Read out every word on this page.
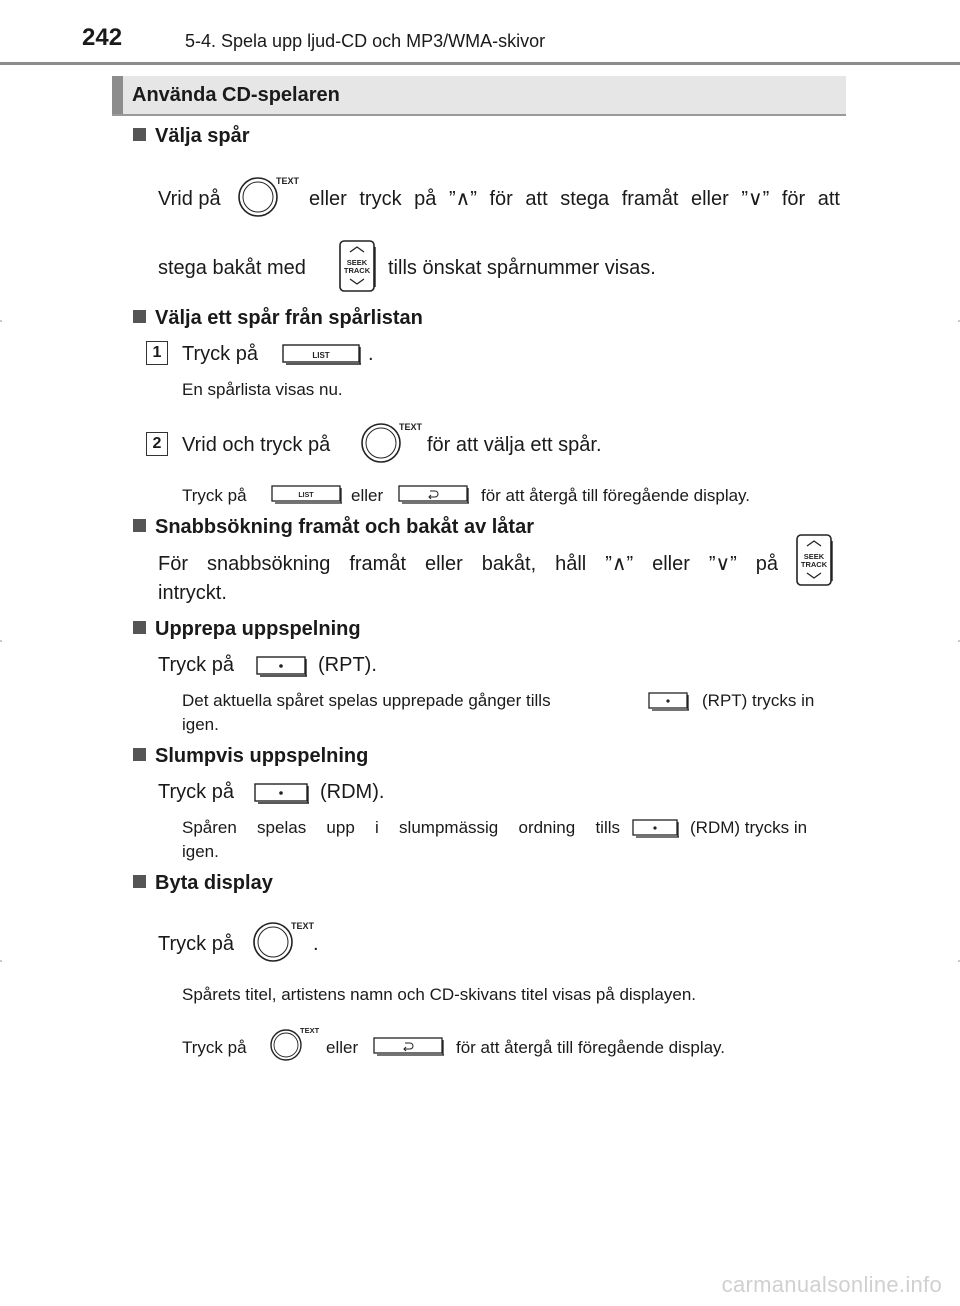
242	5-4. Spela upp ljud-CD och MP3/WMA-skivor
Använda CD-spelaren
Välja spår
Vrid på
TEXT
eller tryck på ”∧” för att stega framåt eller ”∨” för att
stega bakåt med	SEEK
TRACK tills önskat spårnummer visas.
Välja ett spår från spårlistan
1	Tryck på	LIST .
En spårlista visas nu.
2	Vrid och tryck på
TEXT
för att välja ett spår.
Tryck på	LIST eller	för att återgå till föregående display.
Snabbsökning framåt och bakåt av låtar
För snabbsökning framåt eller bakåt, håll ”∧” eller ”∨” på	SEEK
TRACK
intryckt.
Upprepa uppspelning
Tryck på	(RPT).
Det aktuella spåret spelas upprepade gånger tills	(RPT) trycks in
igen.
Slumpvis uppspelning
Tryck på	(RDM).
Spåren spelas upp i slumpmässig ordning tills	(RDM) trycks in
igen.
Byta display
Tryck på
TEXT
.
Spårets titel, artistens namn och CD-skivans titel visas på displayen.
Tryck på
TEXT
eller	för att återgå till föregående display.
carmanualsonline.info
